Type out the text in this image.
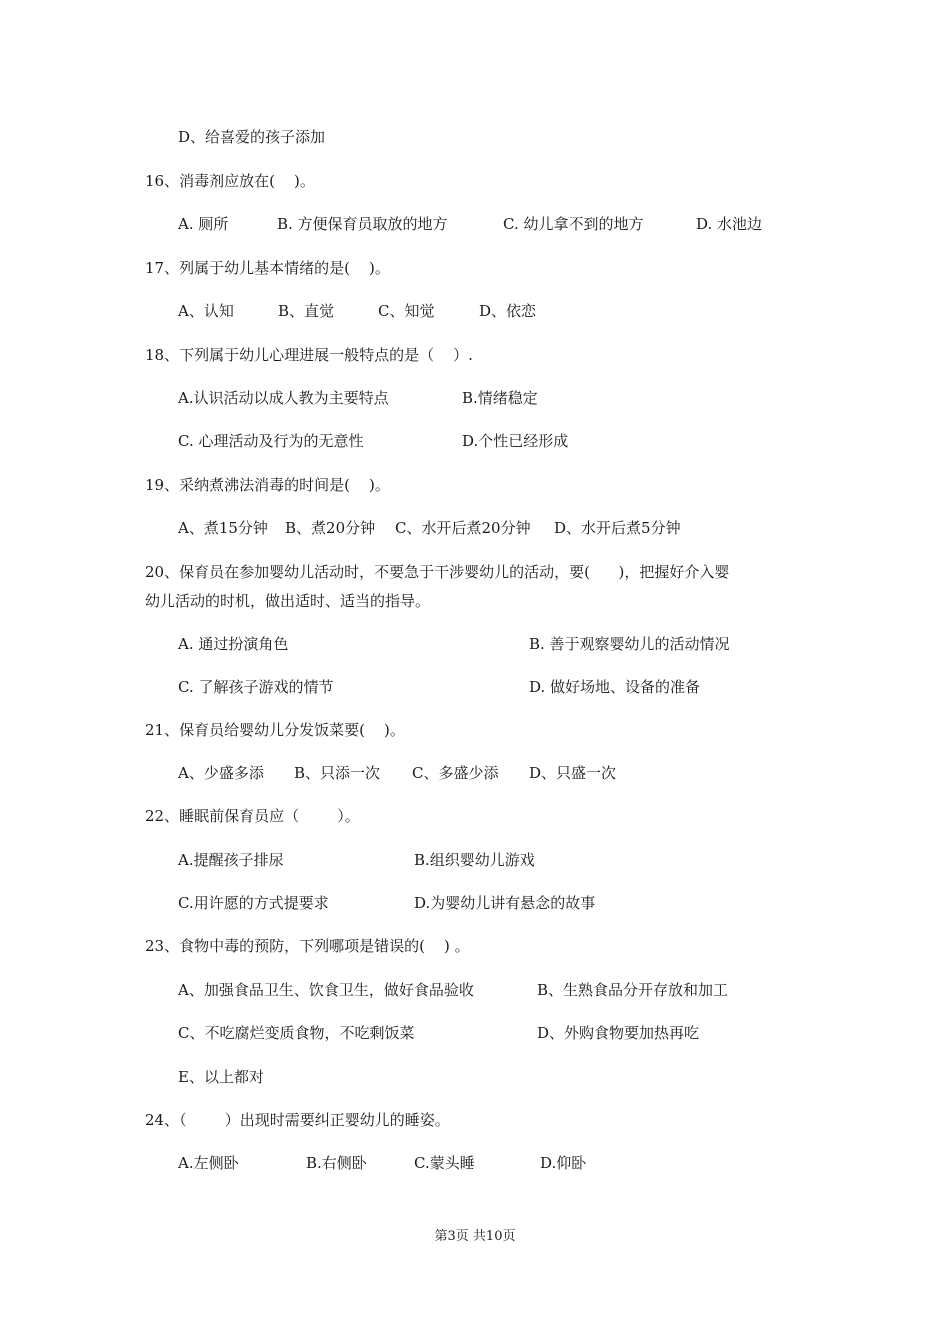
D、给喜爱的孩子添加
16、消毒剂应放在(    )。
A. 厕所	B. 方便保育员取放的地方	C. 幼儿拿不到的地方	D. 水池边
17、列属于幼儿基本情绪的是(    )。
A、认知	B、直觉	C、知觉	D、依恋
18、下列属于幼儿心理进展一般特点的是（    ）.
A.认识活动以成人教为主要特点	B.情绪稳定
C. 心理活动及行为的无意性	D.个性已经形成
19、采纳煮沸法消毒的时间是(    )。
A、煮15分钟 B、煮20分钟 C、水开后煮20分钟 D、水开后煮5分钟
20、保育员在参加婴幼儿活动时，不要急于干涉婴幼儿的活动，要(      )，把握好介入婴
幼儿活动的时机，做出适时、适当的指导。
A. 通过扮演角色	B. 善于观察婴幼儿的活动情况
C. 了解孩子游戏的情节	D. 做好场地、设备的准备
21、保育员给婴幼儿分发饭菜要(    )。
A、少盛多添 B、只添一次 C、多盛少添 D、只盛一次
22、睡眠前保育员应（        ）。
A.提醒孩子排尿	B.组织婴幼儿游戏
C.用许愿的方式提要求	D.为婴幼儿讲有悬念的故事
23、食物中毒的预防，下列哪项是错误的(    ) 。
A、加强食品卫生、饮食卫生，做好食品验收	B、生熟食品分开存放和加工
C、不吃腐烂变质食物，不吃剩饭菜	D、外购食物要加热再吃
E、以上都对
24、（        ）出现时需要纠正婴幼儿的睡姿。
A.左侧卧	B.右侧卧	C.蒙头睡	D.仰卧
第3页 共10页
